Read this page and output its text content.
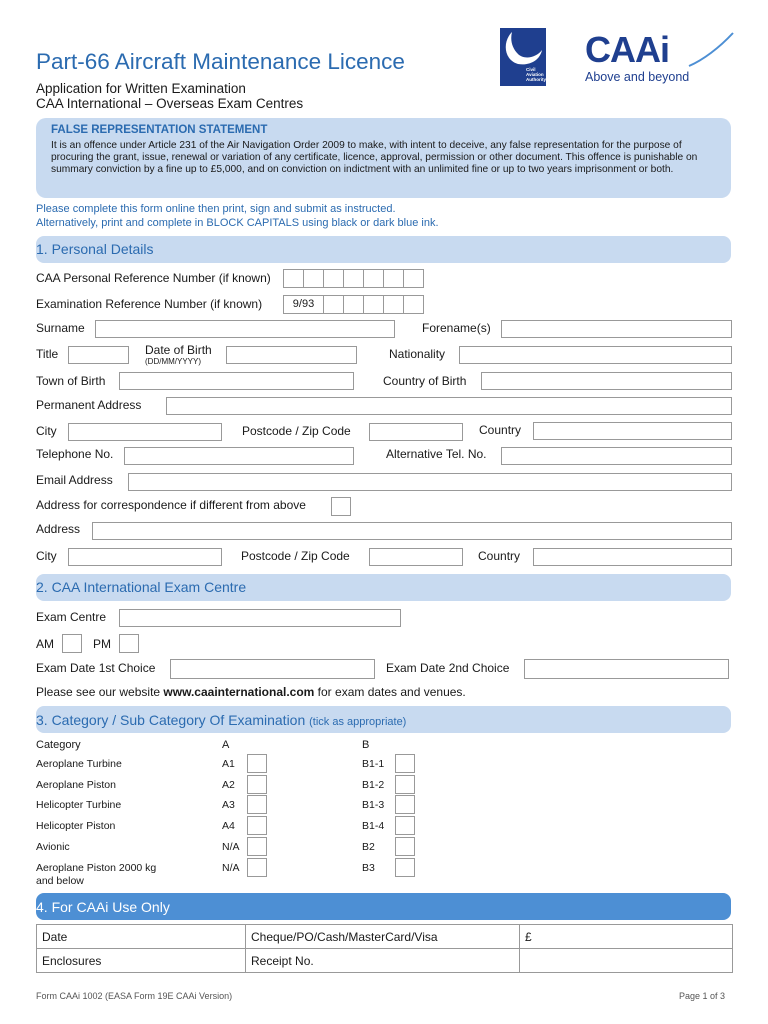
Part-66 Aircraft Maintenance Licence
Application for Written Examination
CAA International – Overseas Exam Centres
Civil Aviation Authority
CAAi
Above and beyond
FALSE REPRESENTATION STATEMENT
It is an offence under Article 231 of the Air Navigation Order 2009 to make, with intent to deceive, any false representation for the purpose of procuring the grant, issue, renewal or variation of any certificate, licence, approval, permission or other document. This offence is punishable on summary conviction by a fine up to £5,000, and on conviction on indictment with an unlimited fine or up to two years imprisonment or both.
Please complete this form online then print, sign and submit as instructed.
Alternatively, print and complete in BLOCK CAPITALS using black or dark blue ink.
1. Personal Details
CAA Personal Reference Number (if known)
Examination Reference Number (if known)	9/93
Surname	Forename(s)
Title	Date of Birth
(DD/MM/YYYY)
Nationality
Town of Birth	Country of Birth
Permanent Address
City	Postcode / Zip Code	Country
Telephone No.	Alternative Tel. No.
Email Address
Address for correspondence if different from above
Address
City	Postcode / Zip Code	Country
2. CAA International Exam Centre
Exam Centre
AM	PM
Exam Date 1st Choice	Exam Date 2nd Choice
Please see our website www.caainternational.com for exam dates and venues.
3. Category / Sub Category Of Examination (tick as appropriate)
Category	A	B
Aeroplane Turbine	A1	B1-1
Aeroplane Piston	A2	B1-2
Helicopter Turbine	A3	B1-3
Helicopter Piston	A4	B1-4
Avionic	N/A	B2
Aeroplane Piston 2000 kg
and below
N/A	B3
4. For CAAi Use Only
Date	Cheque/PO/Cash/MasterCard/Visa	£
Enclosures	Receipt No.	
Form CAAi 1002 (EASA Form 19E CAAi Version)	Page 1 of 3
